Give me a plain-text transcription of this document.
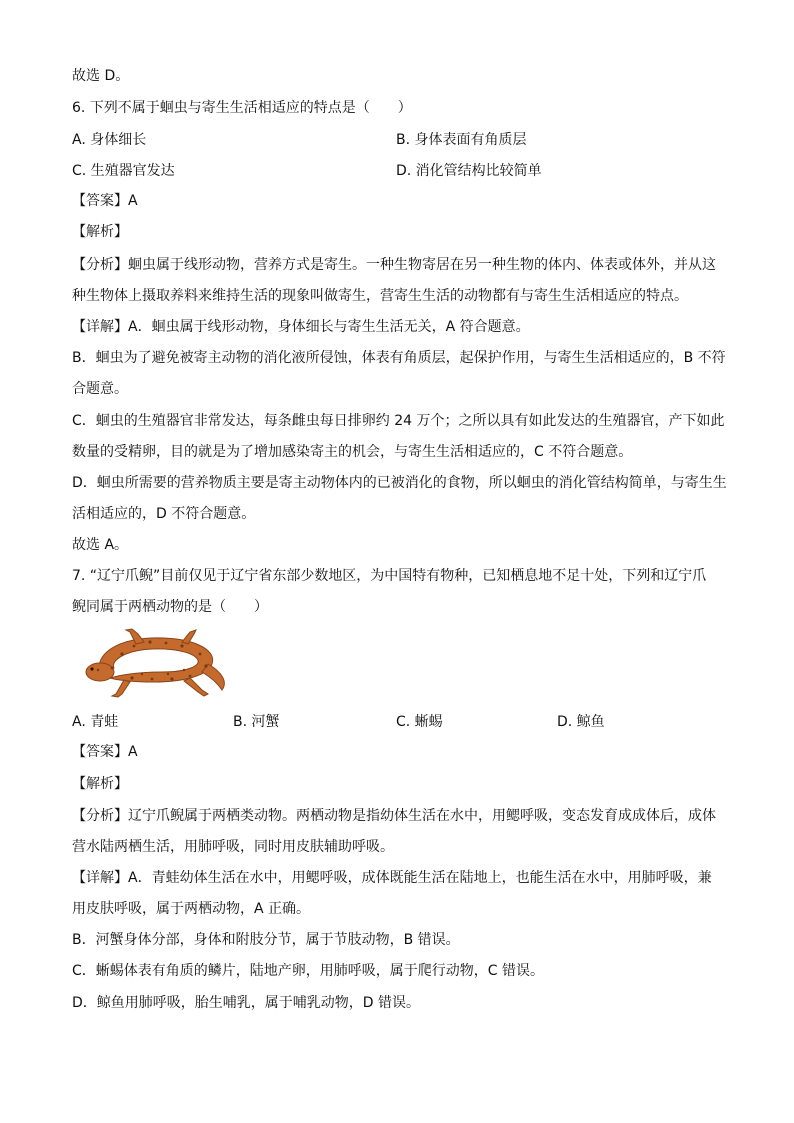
故选 D。
6. 下列不属于蛔虫与寄生生活相适应的特点是（　　）
A. 身体细长	B. 身体表面有角质层
C. 生殖器官发达	D. 消化管结构比较简单
【答案】A
【解析】
【分析】蛔虫属于线形动物，营养方式是寄生。一种生物寄居在另一种生物的体内、体表或体外，并从这
种生物体上摄取养料来维持生活的现象叫做寄生，营寄生生活的动物都有与寄生生活相适应的特点。
【详解】A．蛔虫属于线形动物，身体细长与寄生生活无关，A 符合题意。
B．蛔虫为了避免被寄主动物的消化液所侵蚀，体表有角质层，起保护作用，与寄生生活相适应的，B 不符
合题意。
C．蛔虫的生殖器官非常发达，每条雌虫每日排卵约 24 万个；之所以具有如此发达的生殖器官，产下如此
数量的受精卵，目的就是为了增加感染寄主的机会，与寄生生活相适应的，C 不符合题意。
D．蛔虫所需要的营养物质主要是寄主动物体内的已被消化的食物，所以蛔虫的消化管结构简单，与寄生生
活相适应的，D 不符合题意。
故选 A。
7. “辽宁爪鲵”目前仅见于辽宁省东部少数地区，为中国特有物种，已知栖息地不足十处，下列和辽宁爪
鲵同属于两栖动物的是（　　）
A. 青蛙	B. 河蟹	C. 蜥蜴	D. 鲸鱼
【答案】A
【解析】
【分析】辽宁爪鲵属于两栖类动物。两栖动物是指幼体生活在水中，用鳃呼吸，变态发育成成体后，成体
营水陆两栖生活，用肺呼吸，同时用皮肤辅助呼吸。
【详解】A．青蛙幼体生活在水中，用鳃呼吸，成体既能生活在陆地上，也能生活在水中，用肺呼吸，兼
用皮肤呼吸，属于两栖动物，A 正确。
B．河蟹身体分部，身体和附肢分节，属于节肢动物，B 错误。
C．蜥蜴体表有角质的鳞片，陆地产卵，用肺呼吸，属于爬行动物，C 错误。
D．鲸鱼用肺呼吸，胎生哺乳，属于哺乳动物，D 错误。
